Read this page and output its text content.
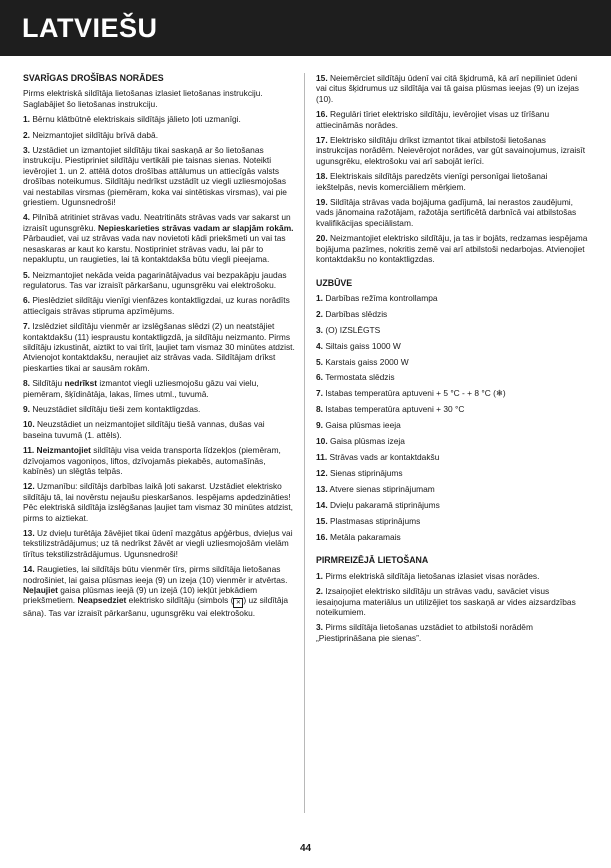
LATVIEŠU
SVARĪGAS DROŠĪBAS NORĀDES
Pirms elektriskā sildītāja lietošanas izlasiet lietošanas instrukciju. Saglabājiet šo lietošanas instrukciju.
1. Bērnu klātbūtnē elektriskais sildītājs jālieto ļoti uzmanīgi.
2. Neizmantojiet sildītāju brīvā dabā.
3. Uzstādiet un izmantojiet sildītāju tikai saskaņā ar šo lietošanas instrukciju. Piestipriniet sildītāju vertikāli pie taisnas sienas. Noteikti ievērojiet 1. un 2. attēlā dotos drošības attālumus un attiecīgās valsts drošības noteikumus. Sildītāju nedrīkst uzstādīt uz viegli uzliesmojošas vai nestabilas virsmas (piemēram, koka vai sintētiskas virsmas), vai pie griestiem. Ugunsnedroši!
4. Pilnībā atritiniet strāvas vadu. Neatritināts strāvas vads var sakarst un izraisīt ugunsgrēku. Nepieskarieties strāvas vadam ar slapjām rokām. Pārbaudiet, vai uz strāvas vada nav novietoti kādi priekšmeti un vai tas nesaskaras ar kaut ko karstu. Nostipriniet strāvas vadu, lai pār to nepakluptu, un raugieties, lai tā kontaktdakša būtu viegli pieejama.
5. Neizmantojiet nekāda veida pagarinātājvadus vai bezpakāpju jaudas regulatorus. Tas var izraisīt pārkaršanu, ugunsgrēku vai elektrošoku.
6. Pieslēdziet sildītāju vienīgi vienfāzes kontaktligzdai, uz kuras norādīts attiecīgais strāvas stipruma apzīmējums.
7. Izslēdziet sildītāju vienmēr ar izslēgšanas slēdzi (2) un neatstājiet kontaktdakšu (11) iespraustu kontaktligzdā, ja sildītāju neizmanto. Pirms sildītāju izkustināt, aiztikt to vai tīrīt, ļaujiet tam vismaz 30 minūtes atdzist. Atvienojot kontaktdakšu, neraujiet aiz strāvas vada. Sildītājam drīkst pieskarties tikai ar sausām rokām.
8. Sildītāju nedrīkst izmantot viegli uzliesmojošu gāzu vai vielu, piemēram, šķīdinātāja, lakas, līmes utml., tuvumā.
9. Neuzstādiet sildītāju tieši zem kontaktligzdas.
10. Neuzstādiet un neizmantojiet sildītāju tiešā vannas, dušas vai baseina tuvumā (1. attēls).
11. Neizmantojiet sildītāju visa veida transporta līdzekļos (piemēram, dzīvojamos vagoniņos, liftos, dzīvojamās piekabēs, automašīnās, kabīnēs) un slēgtās telpās.
12. Uzmanību: sildītājs darbības laikā ļoti sakarst. Uzstādiet elektrisko sildītāju tā, lai novērstu nejaušu pieskaršanos. Iespējams apdedzināties! Pēc elektriskā sildītāja izslēgšanas ļaujiet tam vismaz 30 minūtes atdzist, pirms to aiztiekat.
13. Uz dvieļu turētāja žāvējiet tikai ūdenī mazgātus apģērbus, dvieļus vai tekstilizstrādājumus; uz tā nedrīkst žāvēt ar viegli uzliesmojošām vielām tīrītus tekstilizstrādājumus. Ugunsnedroši!
14. Raugieties, lai sildītājs būtu vienmēr tīrs, pirms sildītāja lietošanas nodrošiniet, lai gaisa plūsmas ieeja (9) un izeja (10) vienmēr ir atvērtas. Neļaujiet gaisa plūsmas ieejā (9) un izejā (10) iekļūt jebkādiem priekšmetiem. Neapsedziet elektrisko sildītāju (simbols ( ✕ ) uz sildītāja sāna). Tas var izraisīt pārkaršanu, ugunsgrēku vai elektrošoku.
15. Neiemērciet sildītāju ūdenī vai citā šķidrumā, kā arī nepiliniet ūdeni vai citus šķidrumus uz sildītāja vai tā gaisa plūsmas ieejas (9) un izejas (10).
16. Regulāri tīriet elektrisko sildītāju, ievērojiet visas uz tīrīšanu attiecināmās norādes.
17. Elektrisko sildītāju drīkst izmantot tikai atbilstoši lietošanas instrukcijas norādēm. Neievērojot norādes, var gūt savainojumus, izraisīt ugunsgrēku, elektrošoku vai arī sabojāt ierīci.
18. Elektriskais sildītājs paredzēts vienīgi personīgai lietošanai iekštelpās, nevis komerciāliem mērķiem.
19. Sildītāja strāvas vada bojājuma gadījumā, lai nerastos zaudējumi, vads jānomaina ražotājam, ražotāja sertificētā darbnīcā vai atbilstošas kvalifikācijas speciālistam.
20. Neizmantojiet elektrisko sildītāju, ja tas ir bojāts, redzamas iespējama bojājuma pazīmes, nokritis zemē vai arī atbilstoši nedarbojas. Atvienojiet kontaktdakšu no kontaktligzdas.
UZBŪVE
1. Darbības režīma kontrollampa
2. Darbības slēdzis
3. (O) IZSLĒGTS
4. Siltais gaiss 1000 W
5. Karstais gaiss 2000 W
6. Termostata slēdzis
7. Istabas temperatūra aptuveni + 5 °C - + 8 °C (❄)
8. Istabas temperatūra aptuveni + 30 °C
9. Gaisa plūsmas ieeja
10. Gaisa plūsmas izeja
11. Strāvas vads ar kontaktdakšu
12. Sienas stiprinājums
13. Atvere sienas stiprinājumam
14. Dvieļu pakaramā stiprinājums
15. Plastmasas stiprinājums
16. Metāla pakaramais
PIRMREIZĒJĀ LIETOŠANA
1. Pirms elektriskā sildītāja lietošanas izlasiet visas norādes.
2. Izsaiņojiet elektrisko sildītāju un strāvas vadu, savāciet visus iesaiņojuma materiālus un utilizējiet tos saskaņā ar vides aizsardzības noteikumiem.
3. Pirms sildītāja lietošanas uzstādiet to atbilstoši norādēm „Piestiprināšana pie sienas”.
44
